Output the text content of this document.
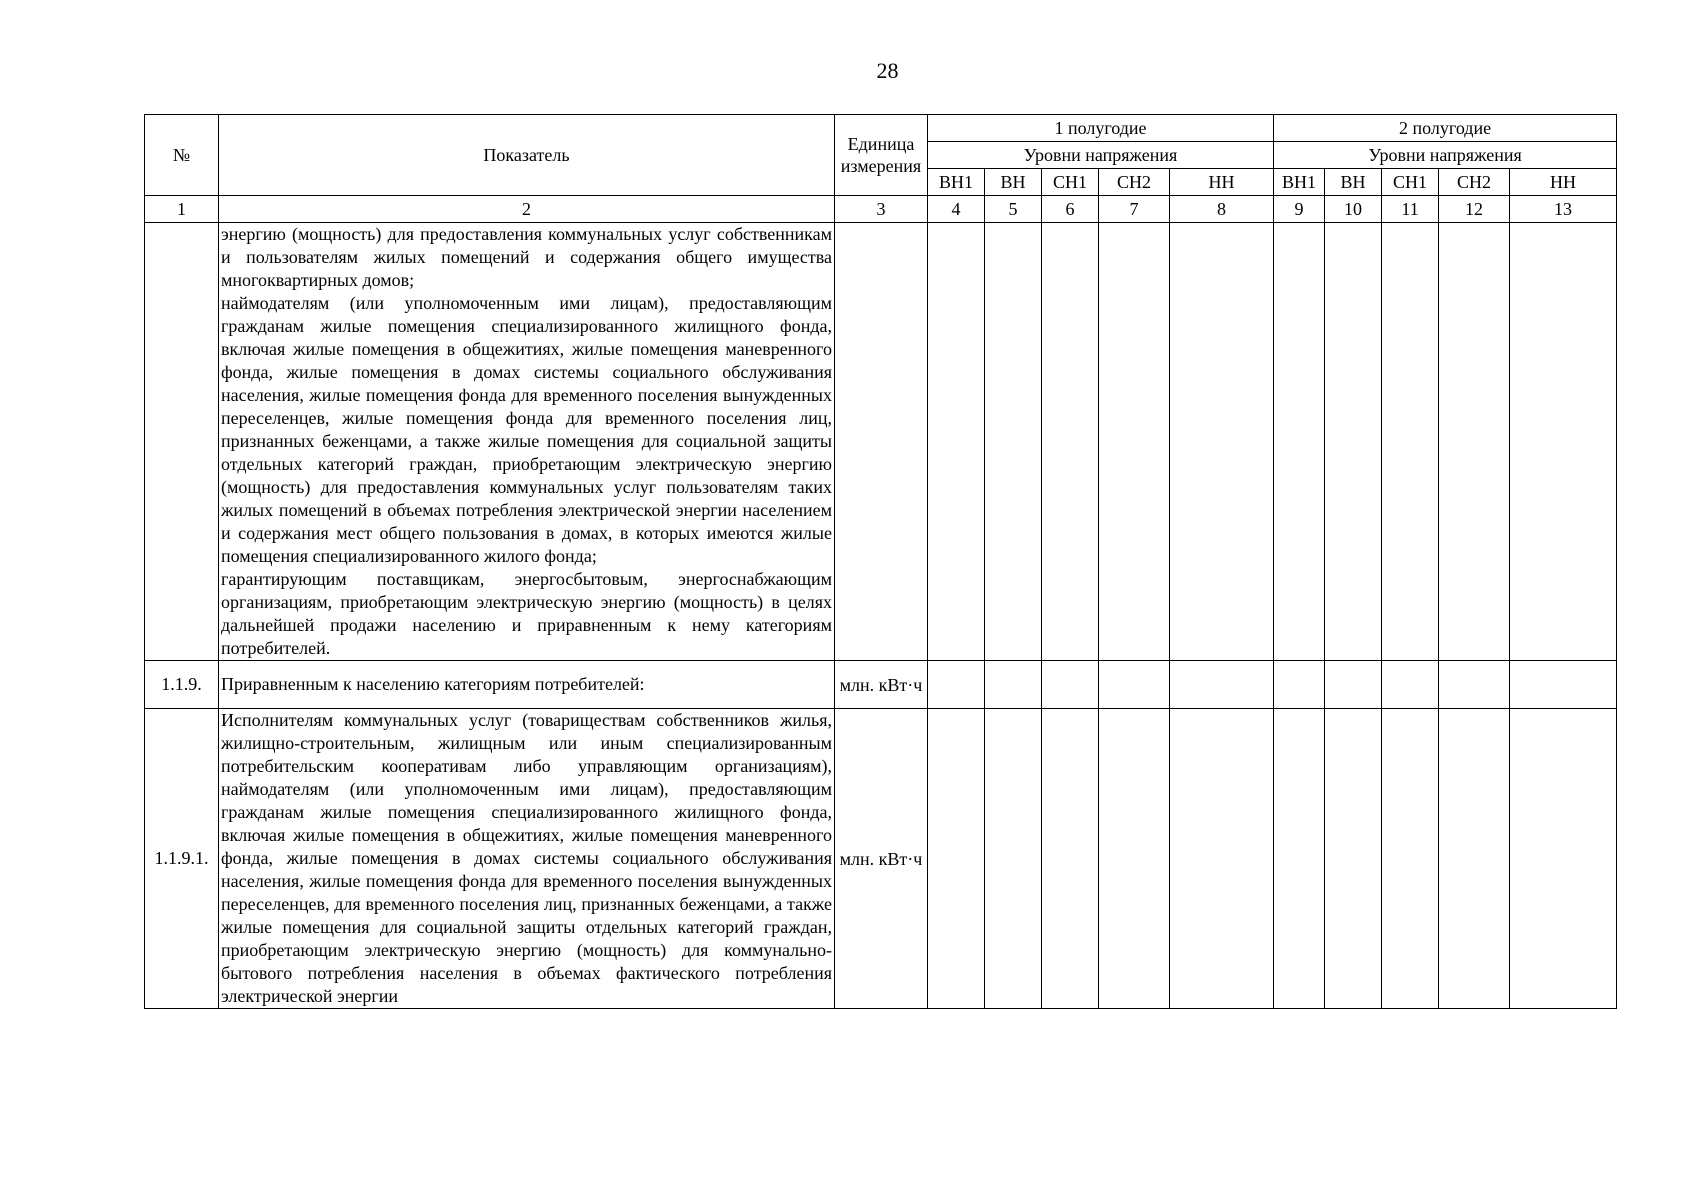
28
№	Показатель	Единица измерения	1 полугодие					2 полугодие				
			Уровни напряжения					Уровни напряжения				
			ВН1	ВН	СН1	СН2	НН	ВН1	ВН	СН1	СН2	НН
1	2	3	4	5	6	7	8	9	10	11	12	13

	энергию (мощность) для предоставления коммунальных услуг собственникам и пользователям жилых помещений и содержания общего имущества многоквартирных домов;

наймодателям (или уполномоченным ими лицам), предоставляющим гражданам жилые помещения специализированного жилищного фонда, включая жилые помещения в общежитиях, жилые помещения маневренного фонда, жилые помещения в домах системы социального обслуживания населения, жилые помещения фонда для временного поселения вынужденных переселенцев, жилые помещения фонда для временного поселения лиц, признанных беженцами, а также жилые помещения для социальной защиты отдельных категорий граждан, приобретающим электрическую энергию (мощность) для предоставления коммунальных услуг пользователям таких жилых помещений в объемах потребления электрической энергии населением и содержания мест общего пользования в домах, в которых имеются жилые помещения специализированного жилого фонда;

гарантирующим поставщикам, энергосбытовым, энергоснабжающим организациям, приобретающим электрическую энергию (мощность) в целях дальнейшей продажи населению и приравненным к нему категориям потребителей.											

1.1.9.	Приравненным к населению категориям потребителей:	млн. кВт·ч										
1.1.9.1.	Исполнителям коммунальных услуг (товариществам собственников жилья, жилищно-строительным, жилищным или иным специализированным потребительским кооперативам либо управляющим организациям), наймодателям (или уполномоченным ими лицам), предоставляющим гражданам жилые помещения специализированного жилищного фонда, включая жилые помещения в общежитиях, жилые помещения маневренного фонда, жилые помещения в домах системы социального обслуживания населения, жилые помещения фонда для временного поселения вынужденных переселенцев, для временного поселения лиц, признанных беженцами, а также жилые помещения для социальной защиты отдельных категорий граждан, приобретающим электрическую энергию (мощность) для коммунально-бытового потребления населения в объемах фактического потребления электрической энергии	млн. кВт·ч										
